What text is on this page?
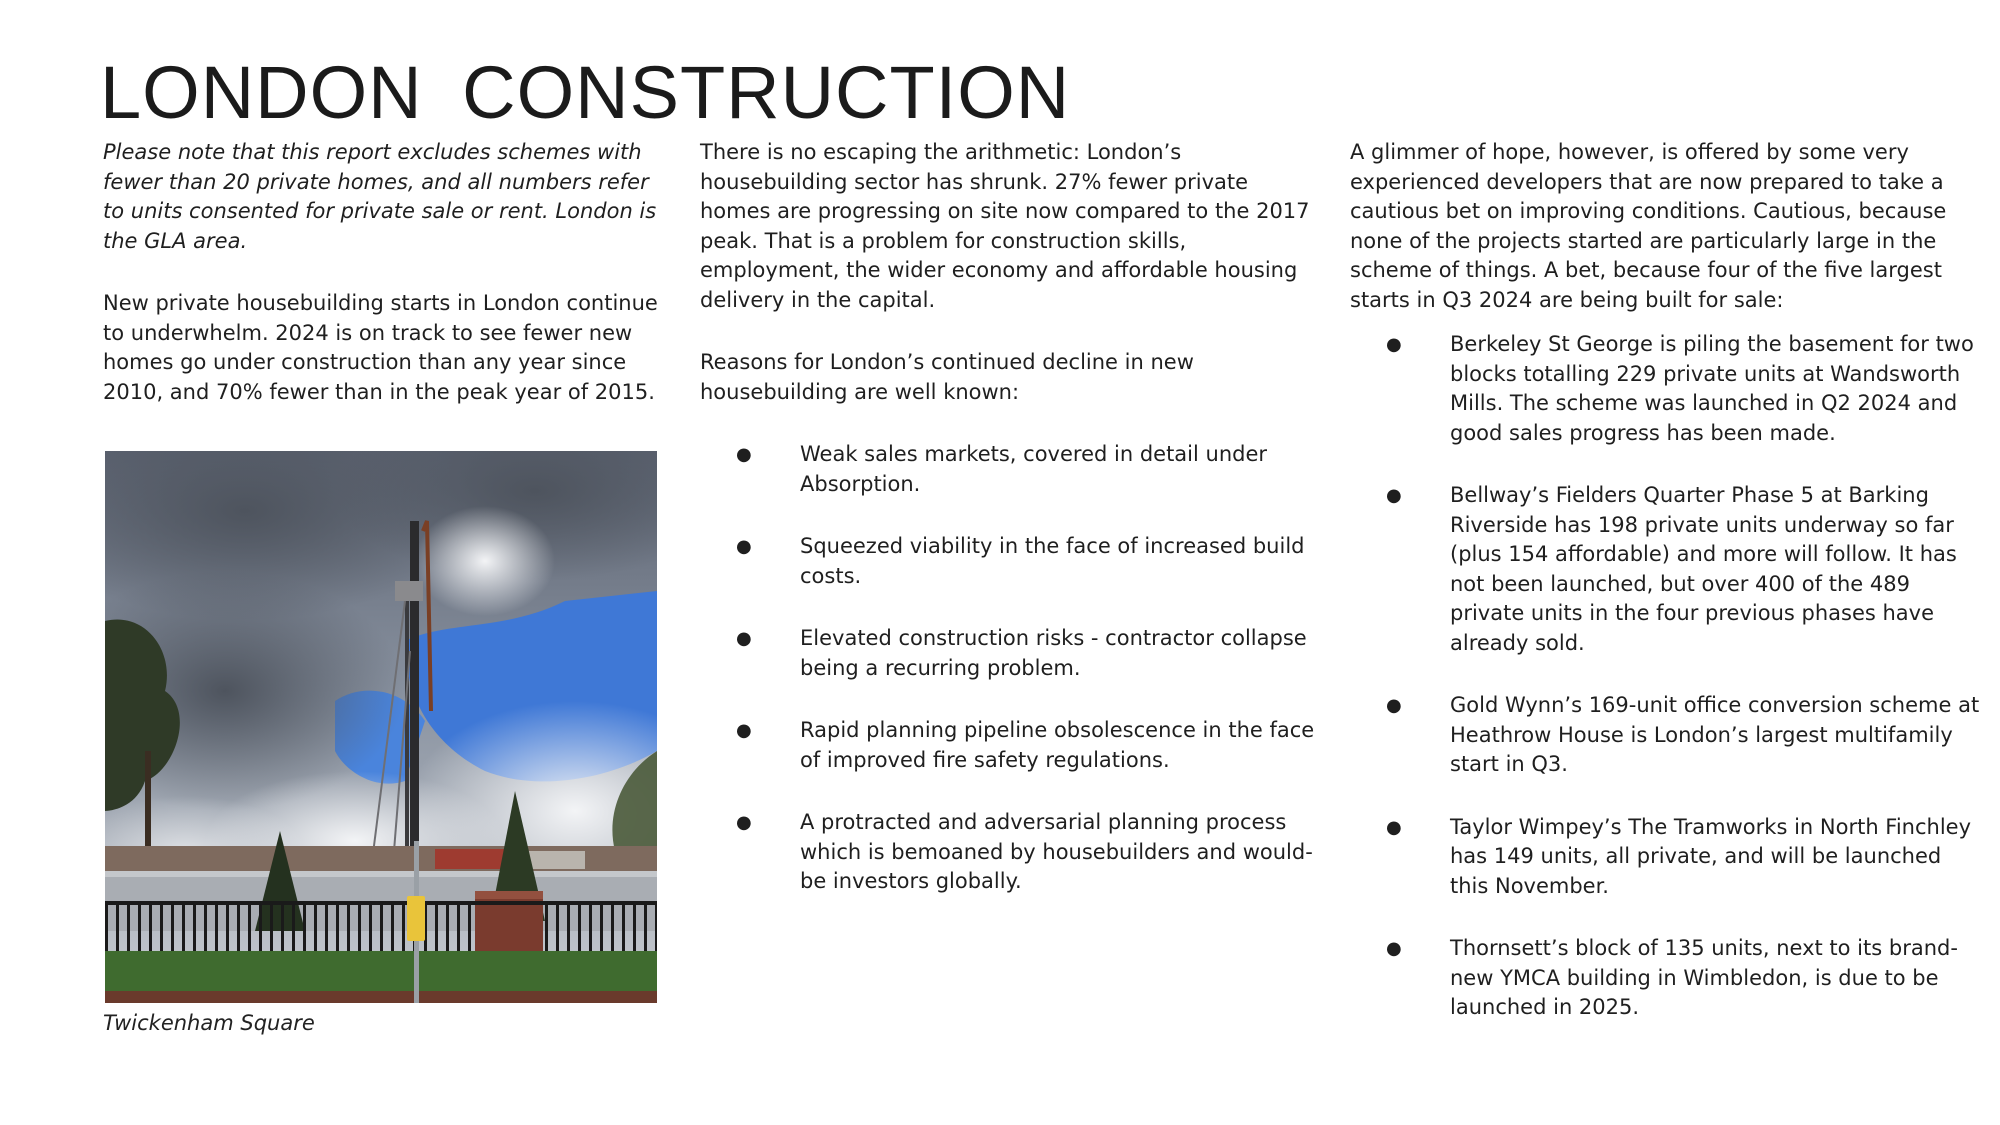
LONDON CONSTRUCTION

Please note that this report excludes schemes with fewer than 20 private homes, and all numbers refer to units consented for private sale or rent. London is the GLA area.

New private housebuilding starts in London continue to underwhelm. 2024 is on track to see fewer new homes go under construction than any year since 2010, and 70% fewer than in the peak year of 2015.

Twickenham Square

There is no escaping the arithmetic: London’s housebuilding sector has shrunk. 27% fewer private homes are progressing on site now compared to the 2017 peak. That is a problem for construction skills, employment, the wider economy and affordable housing delivery in the capital.

Reasons for London’s continued decline in new housebuilding are well known:

● Weak sales markets, covered in detail under Absorption.
● Squeezed viability in the face of increased build costs.
● Elevated construction risks - contractor collapse being a recurring problem.
● Rapid planning pipeline obsolescence in the face of improved fire safety regulations.
● A protracted and adversarial planning process which is bemoaned by housebuilders and would-be investors globally.

A glimmer of hope, however, is offered by some very experienced developers that are now prepared to take a cautious bet on improving conditions. Cautious, because none of the projects started are particularly large in the scheme of things. A bet, because four of the five largest starts in Q3 2024 are being built for sale:

● Berkeley St George is piling the basement for two blocks totalling 229 private units at Wandsworth Mills. The scheme was launched in Q2 2024 and good sales progress has been made.
● Bellway’s Fielders Quarter Phase 5 at Barking Riverside has 198 private units underway so far (plus 154 affordable) and more will follow. It has not been launched, but over 400 of the 489 private units in the four previous phases have already sold.
● Gold Wynn’s 169-unit office conversion scheme at Heathrow House is London’s largest multifamily start in Q3.
● Taylor Wimpey’s The Tramworks in North Finchley has 149 units, all private, and will be launched this November.
● Thornsett’s block of 135 units, next to its brand-new YMCA building in Wimbledon, is due to be launched in 2025.
